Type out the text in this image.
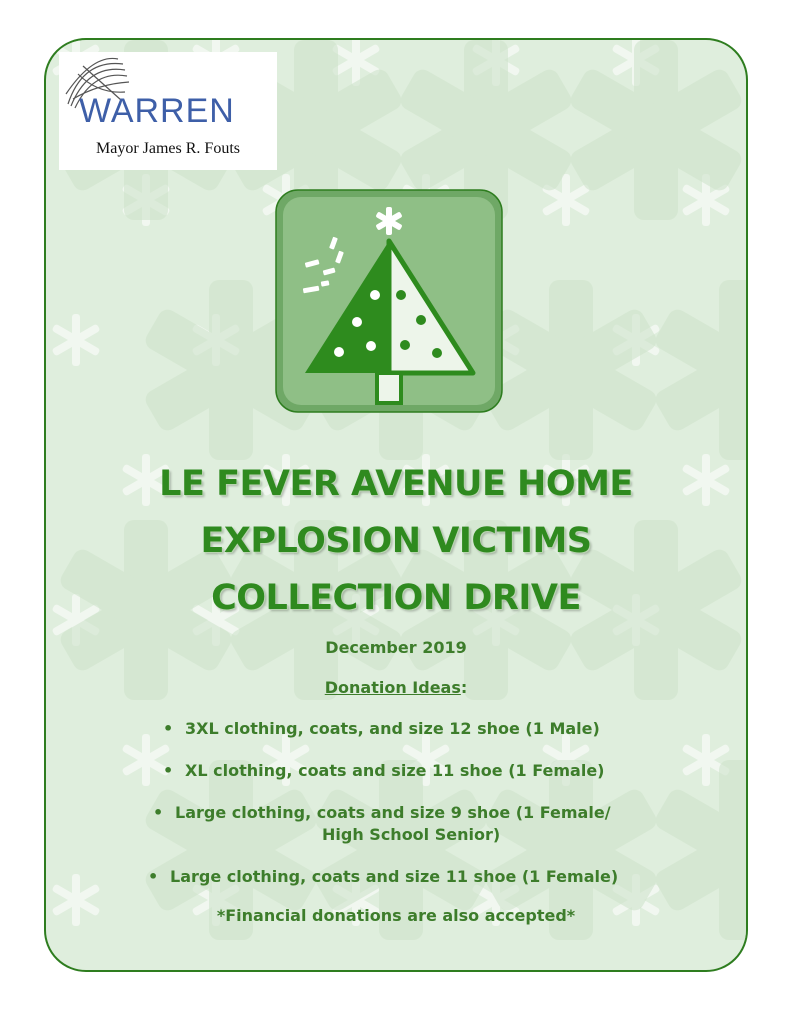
WARREN
Mayor James R. Fouts
LE FEVER AVENUE HOME
EXPLOSION VICTIMS
COLLECTION DRIVE
December 2019
Donation Ideas:
• 3XL clothing, coats, and size 12 shoe (1 Male)
• XL clothing, coats and size 11 shoe (1 Female)
• Large clothing, coats and size 9 shoe (1 Female/
High School Senior)
• Large clothing, coats and size 11 shoe (1 Female)
*Financial donations are also accepted*
